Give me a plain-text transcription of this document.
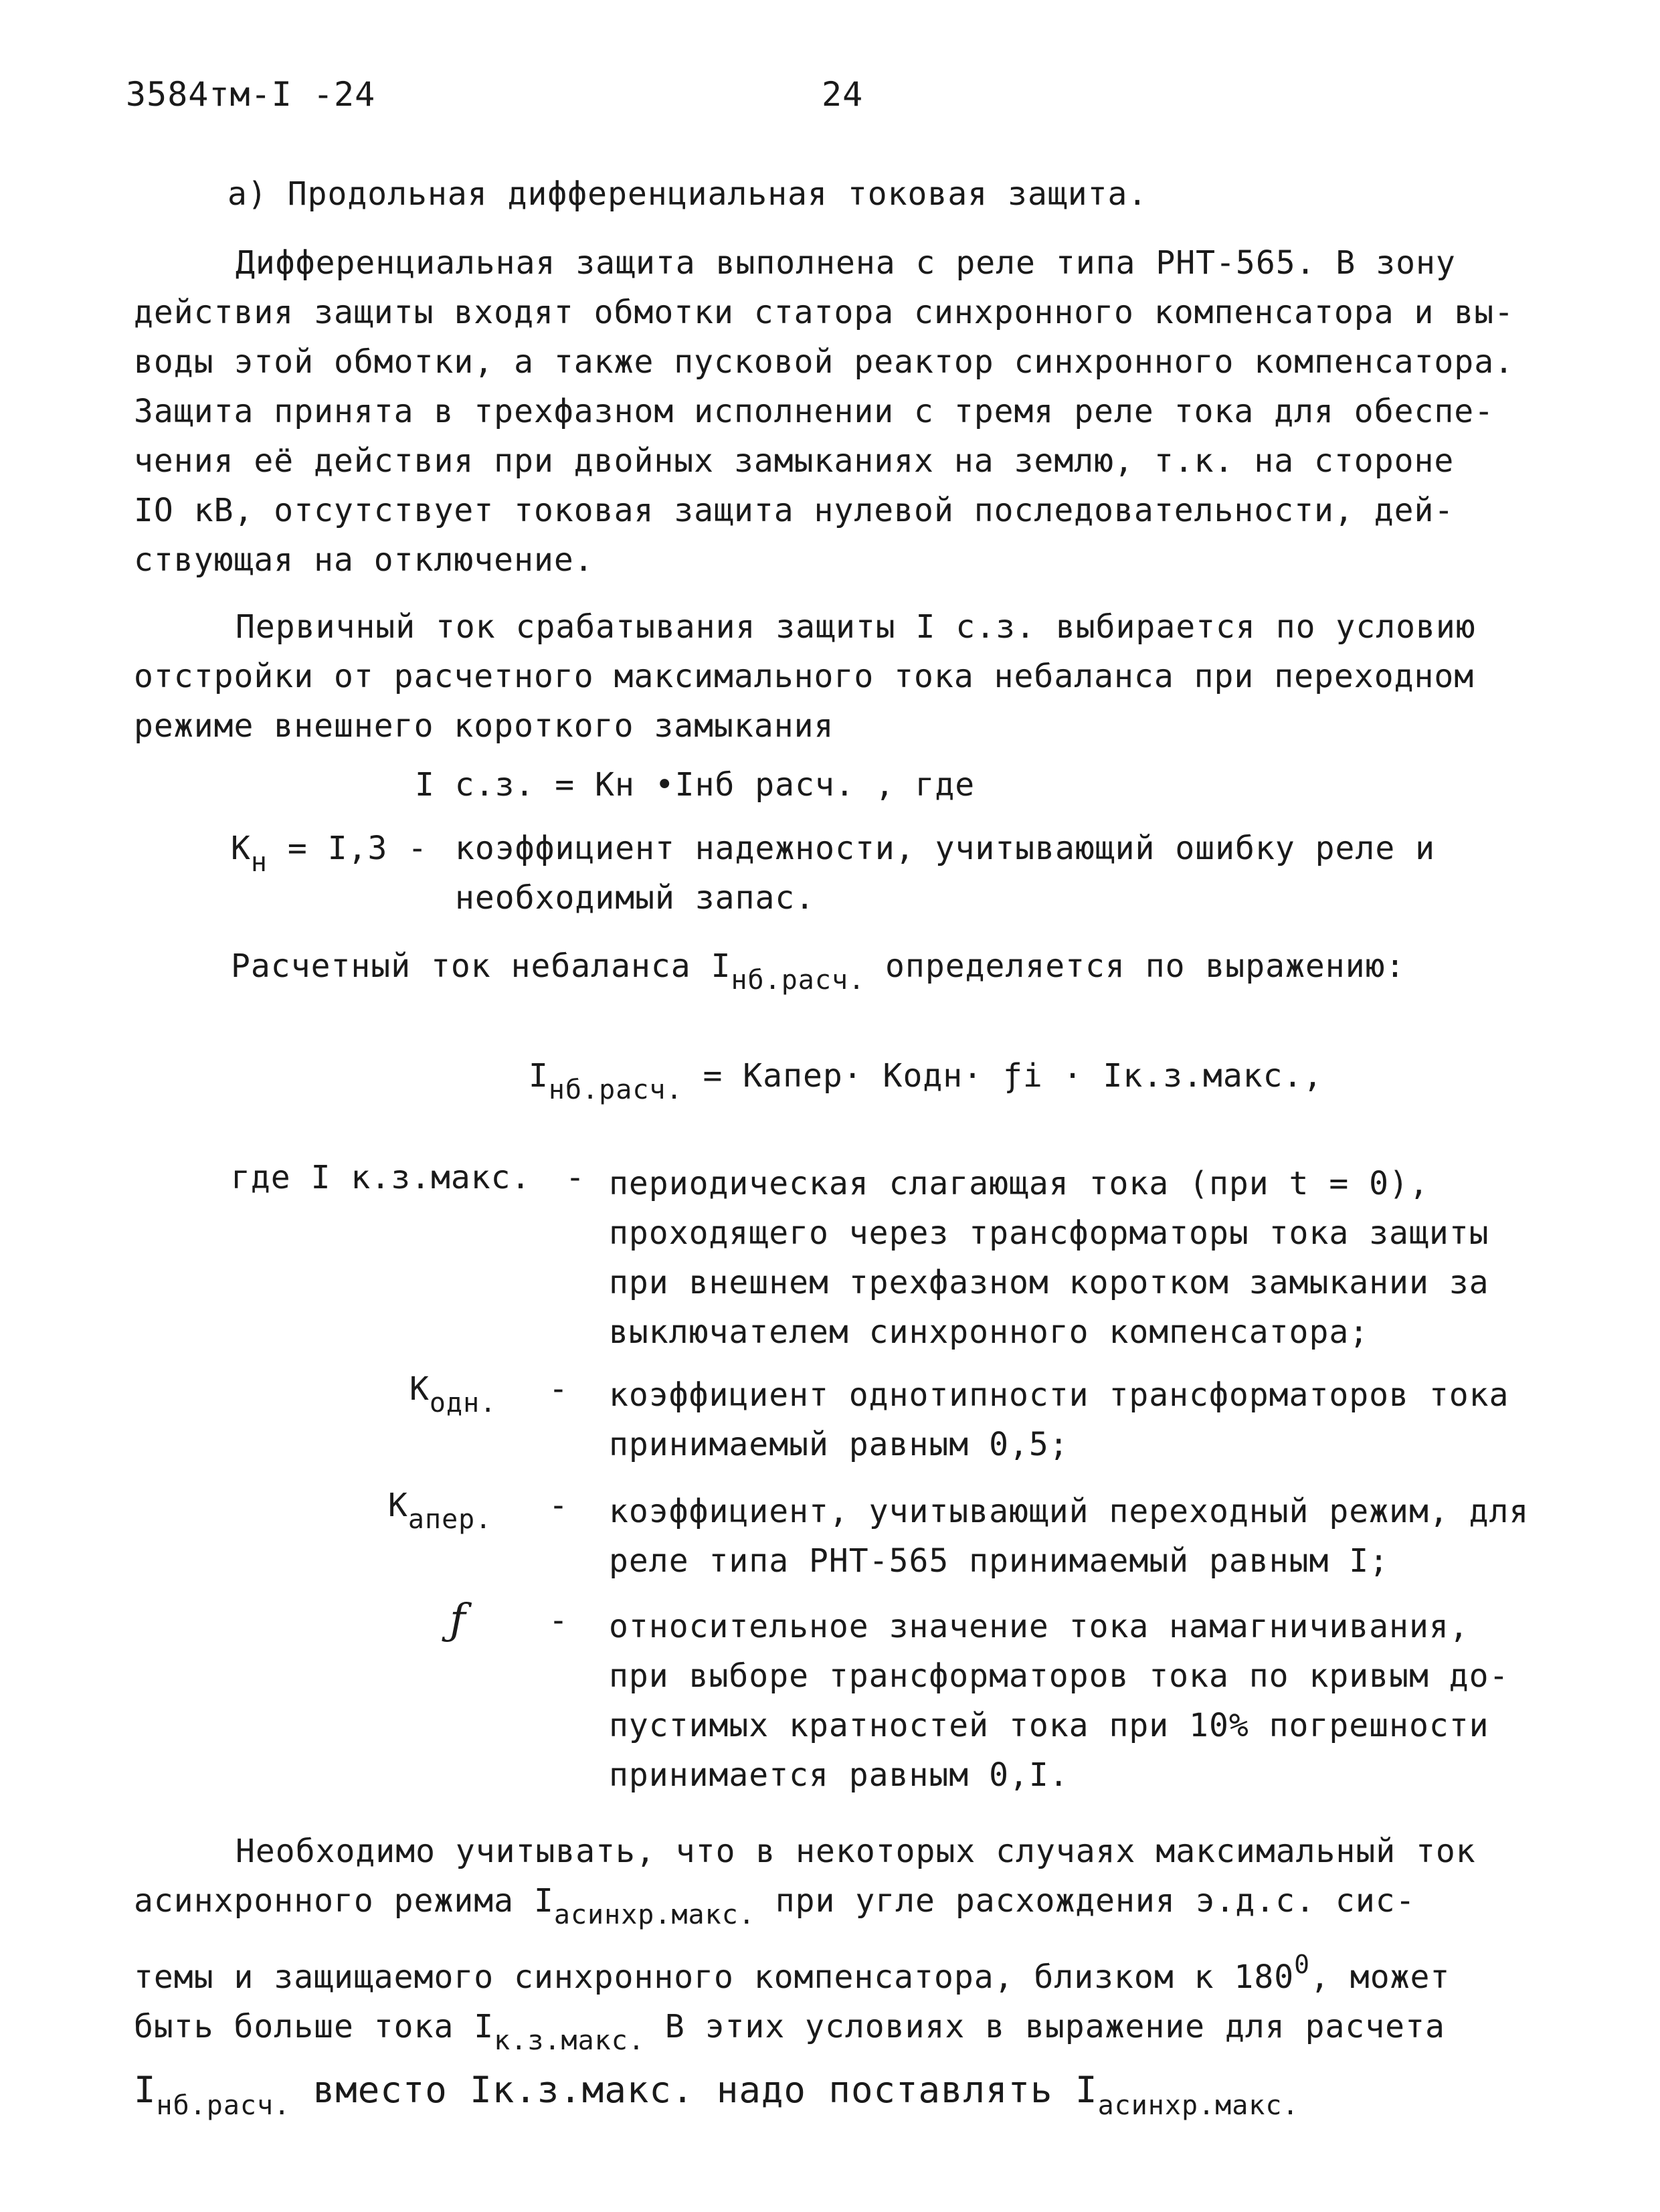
3584тм-I -24	24
а) Продольная дифференциальная токовая защита.
Дифференциальная защита выполнена с реле типа РНТ-565. В зону
действия защиты входят обмотки статора синхронного компенсатора и вы-
воды этой обмотки, а также пусковой реактор синхронного компенсатора.
Защита принята в трехфазном исполнении с тремя реле тока для обеспе-
чения её действия при двойных замыканиях на землю, т.к. на стороне
IO кВ, отсутствует токовая защита нулевой последовательности, дей-
ствующая на отключение.
Первичный ток срабатывания защиты I с.з. выбирается по условию
отстройки от расчетного максимального тока небаланса при переходном
режиме внешнего короткого замыкания
I с.з. = Кн •Iнб расч. , где
$К_н = I,3$ - коэффициент надежности, учитывающий ошибку реле и
необходимый запас.
Расчетный ток небаланса $I_{нб.расч.}$ определяется по выражению:
$I_{нб.расч.}$ = Капер· Кодн· ƒi · Iк.з.макс.,
где I к.з.макс. - периодическая слагающая тока (при t = 0),
проходящего через трансформаторы тока защиты
при внешнем трехфазном коротком замыкании за
выключателем синхронного компенсатора;
$К_{одн.}$ - коэффициент однотипности трансформаторов тока
принимаемый равным 0,5;
$К_{апер.}$ - коэффициент, учитывающий переходный режим, для
реле типа РНТ-565 принимаемый равным I;
ƒ	- относительное значение тока намагничивания,
при выборе трансформаторов тока по кривым до-
пустимых кратностей тока при 10% погрешности
принимается равным 0,I.
Необходимо учитывать, что в некоторых случаях максимальный ток
асинхронного режима $I_{асинхр.макс.}$ при угле расхождения э.д.с. сис-
темы и защищаемого синхронного компенсатора, близком к $180^0$, может
быть больше тока $I_{к.з.макс.}$ В этих условиях в выражение для расчета
$I_{нб.расч.}$ вместо Iк.з.макс. надо поставлять $I_{асинхр.макс.}$
